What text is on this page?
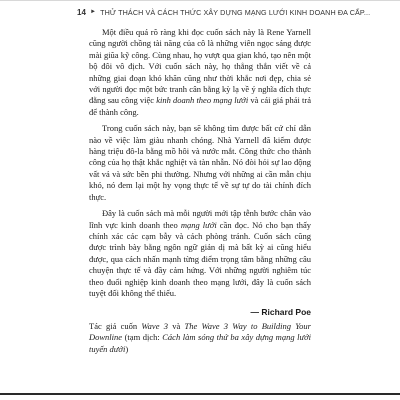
14 ► THỬ THÁCH VÀ CÁCH THỨC XÂY DỰNG MẠNG LƯỚI KINH DOANH ĐA CẤP...

Một điều quá rõ ràng khi đọc cuốn sách này là Rene Yarnell cũng người chồng tài năng của cô là những viên ngọc sáng được mài giũa kỹ công. Cùng nhau, họ vượt qua gian khó, tạo nên một bộ đôi vô địch. Với cuốn sách này, họ thẳng thắn viết về cả những giai đoạn khó khăn cũng như thời khắc nơi đẹp, chia sẻ với người đọc một bức tranh cân bằng kỳ lạ về ý nghĩa đích thực đằng sau công việc kinh doanh theo mạng lưới và cái giá phải trả để thành công.

Trong cuốn sách này, bạn sẽ không tìm được bất cứ chỉ dẫn nào về việc làm giàu nhanh chóng. Nhà Yarnell đã kiếm được hàng triệu đô-la bằng mồ hôi và nước mắt. Công thức cho thành công của họ thật khắc nghiệt và tàn nhẫn. Nó đòi hỏi sự lao động vất vả và sức bền phi thường. Nhưng với những ai cần mẫn chịu khó, nó đem lại một hy vọng thực tế về sự tự do tài chính đích thực.

Đây là cuốn sách mà mỗi người mới tập tễnh bước chân vào lĩnh vực kinh doanh theo mạng lưới cần đọc. Nó cho bạn thấy chính xác các cạm bẫy và cách phòng tránh. Cuốn sách cũng được trình bày bằng ngôn ngữ giản dị mà bất kỳ ai cũng hiểu được, qua cách nhấn mạnh từng điểm trọng tâm bằng những câu chuyện thực tế và đầy cảm hứng. Với những người nghiêm túc theo đuổi nghiệp kinh doanh theo mạng lưới, đây là cuốn sách tuyệt đối không thể thiếu.

— Richard Poe

Tác giả cuốn Wave 3 và The Wave 3 Way to Building Your Downline (tạm dịch: Cách làm sóng thứ ba xây dựng mạng lưới tuyến dưới)
